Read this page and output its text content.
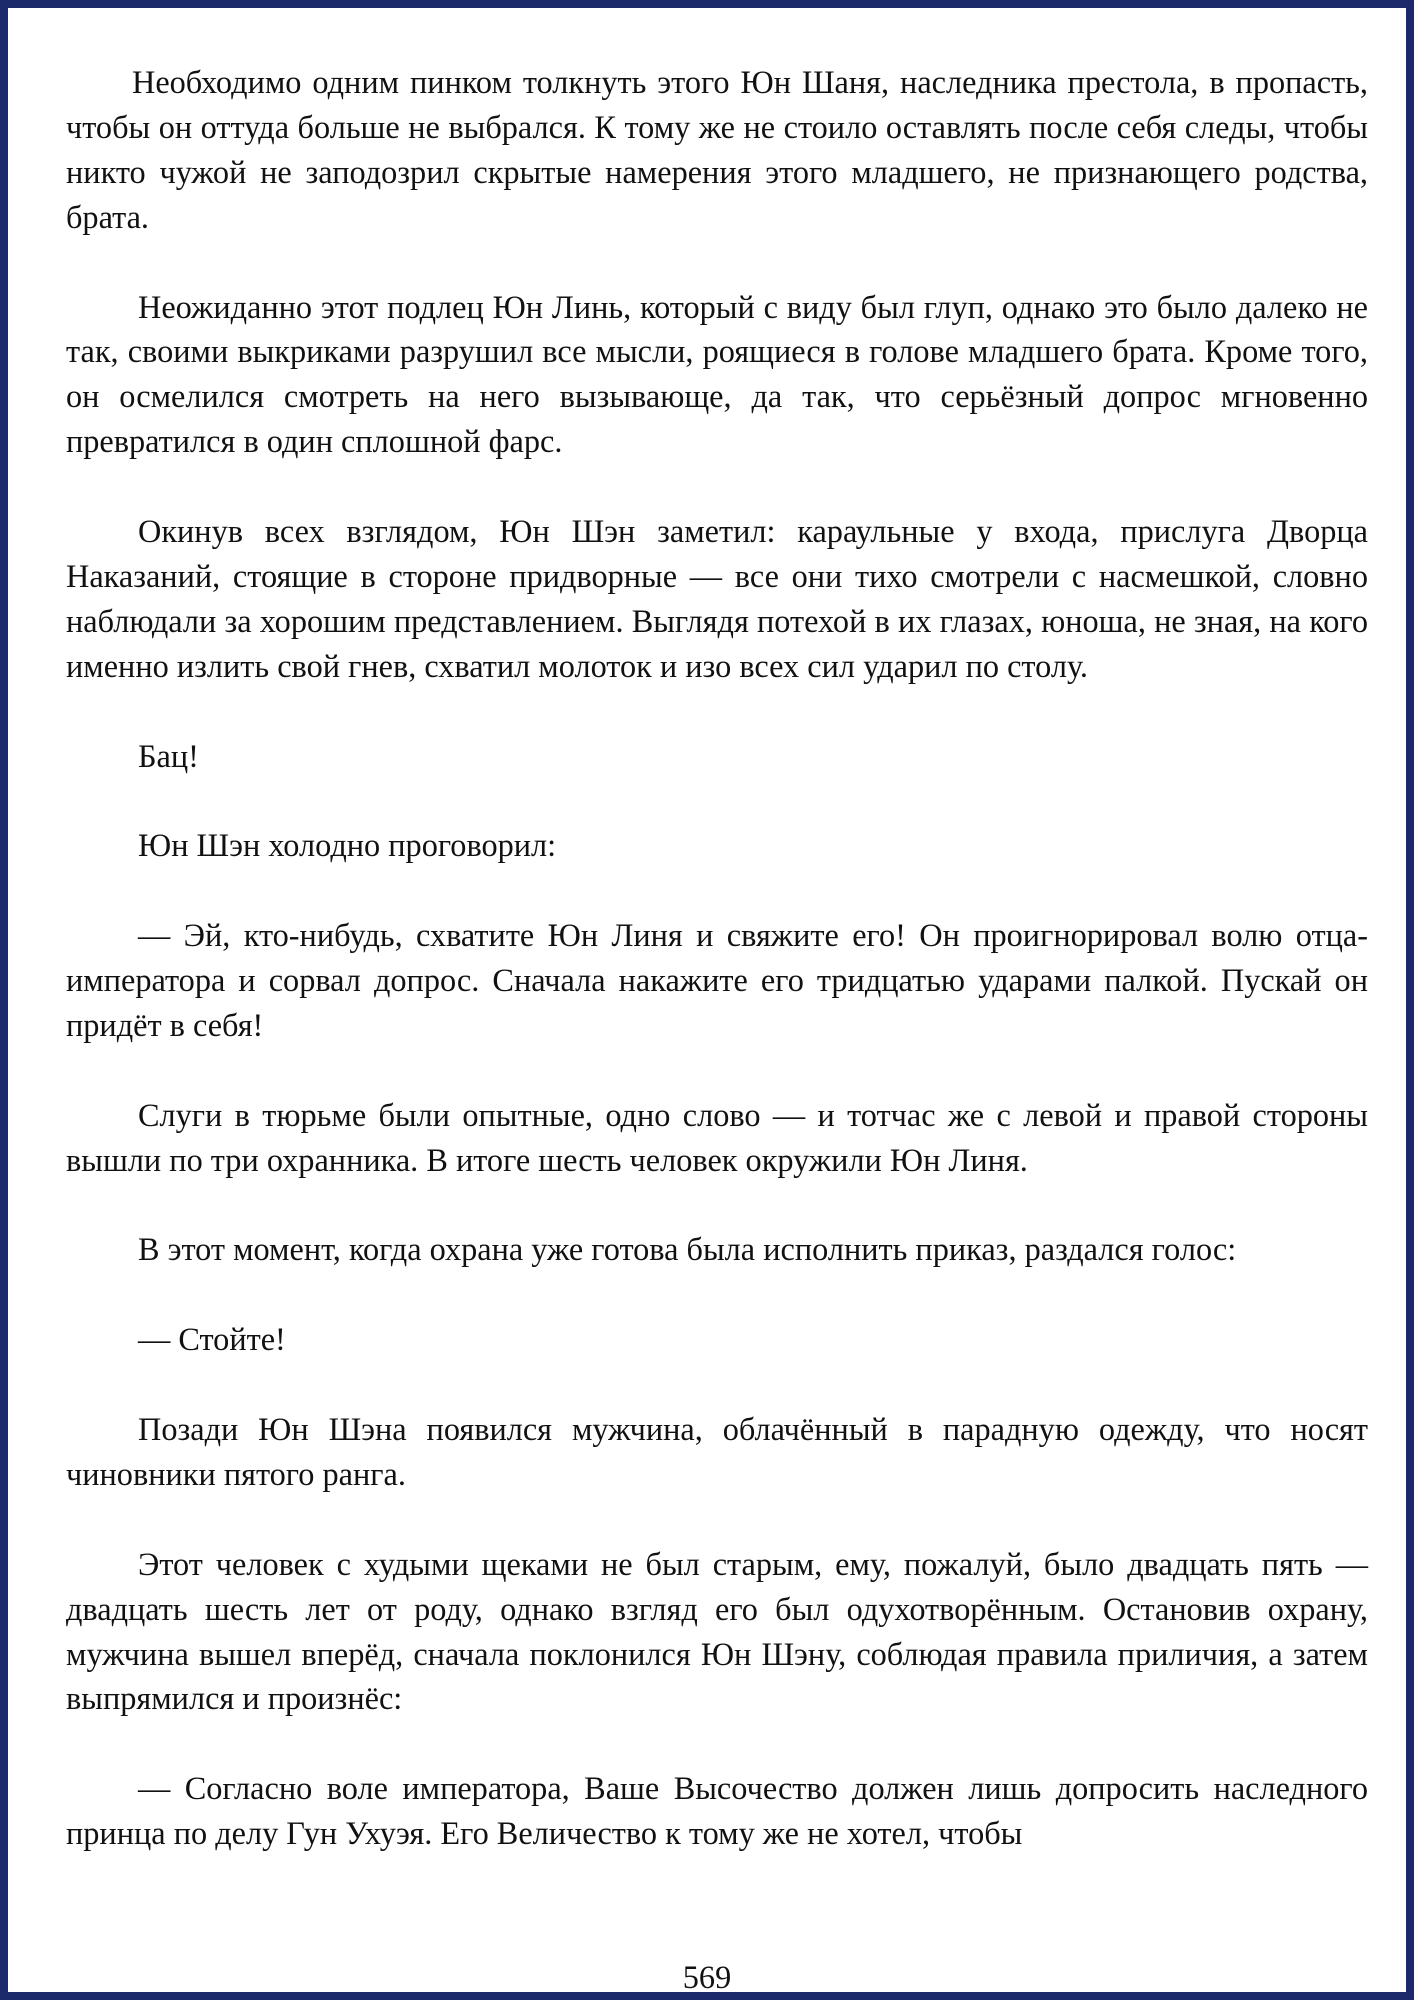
Необходимо одним пинком толкнуть этого Юн Шаня, наследника престола, в пропасть, чтобы он оттуда больше не выбрался. К тому же не стоило оставлять после себя следы, чтобы никто чужой не заподозрил скрытые намерения этого младшего, не признающего родства, брата.

Неожиданно этот подлец Юн Линь, который с виду был глуп, однако это было далеко не так, своими выкриками разрушил все мысли, роящиеся в голове младшего брата. Кроме того, он осмелился смотреть на него вызывающе, да так, что серьёзный допрос мгновенно превратился в один сплошной фарс.

Окинув всех взглядом, Юн Шэн заметил: караульные у входа, прислуга Дворца Наказаний, стоящие в стороне придворные — все они тихо смотрели с насмешкой, словно наблюдали за хорошим представлением. Выглядя потехой в их глазах, юноша, не зная, на кого именно излить свой гнев, схватил молоток и изо всех сил ударил по столу.

Бац!

Юн Шэн холодно проговорил:

— Эй, кто-нибудь, схватите Юн Линя и свяжите его! Он проигнорировал волю отца-императора и сорвал допрос. Сначала накажите его тридцатью ударами палкой. Пускай он придёт в себя!

Слуги в тюрьме были опытные, одно слово — и тотчас же с левой и правой стороны вышли по три охранника. В итоге шесть человек окружили Юн Линя.

В этот момент, когда охрана уже готова была исполнить приказ, раздался голос:

— Стойте!

Позади Юн Шэна появился мужчина, облачённый в парадную одежду, что носят чиновники пятого ранга.

Этот человек с худыми щеками не был старым, ему, пожалуй, было двадцать пять — двадцать шесть лет от роду, однако взгляд его был одухотворённым. Остановив охрану, мужчина вышел вперёд, сначала поклонился Юн Шэну, соблюдая правила приличия, а затем выпрямился и произнёс:

— Согласно воле императора, Ваше Высочество должен лишь допросить наследного принца по делу Гун Ухуэя. Его Величество к тому же не хотел, чтобы

569
